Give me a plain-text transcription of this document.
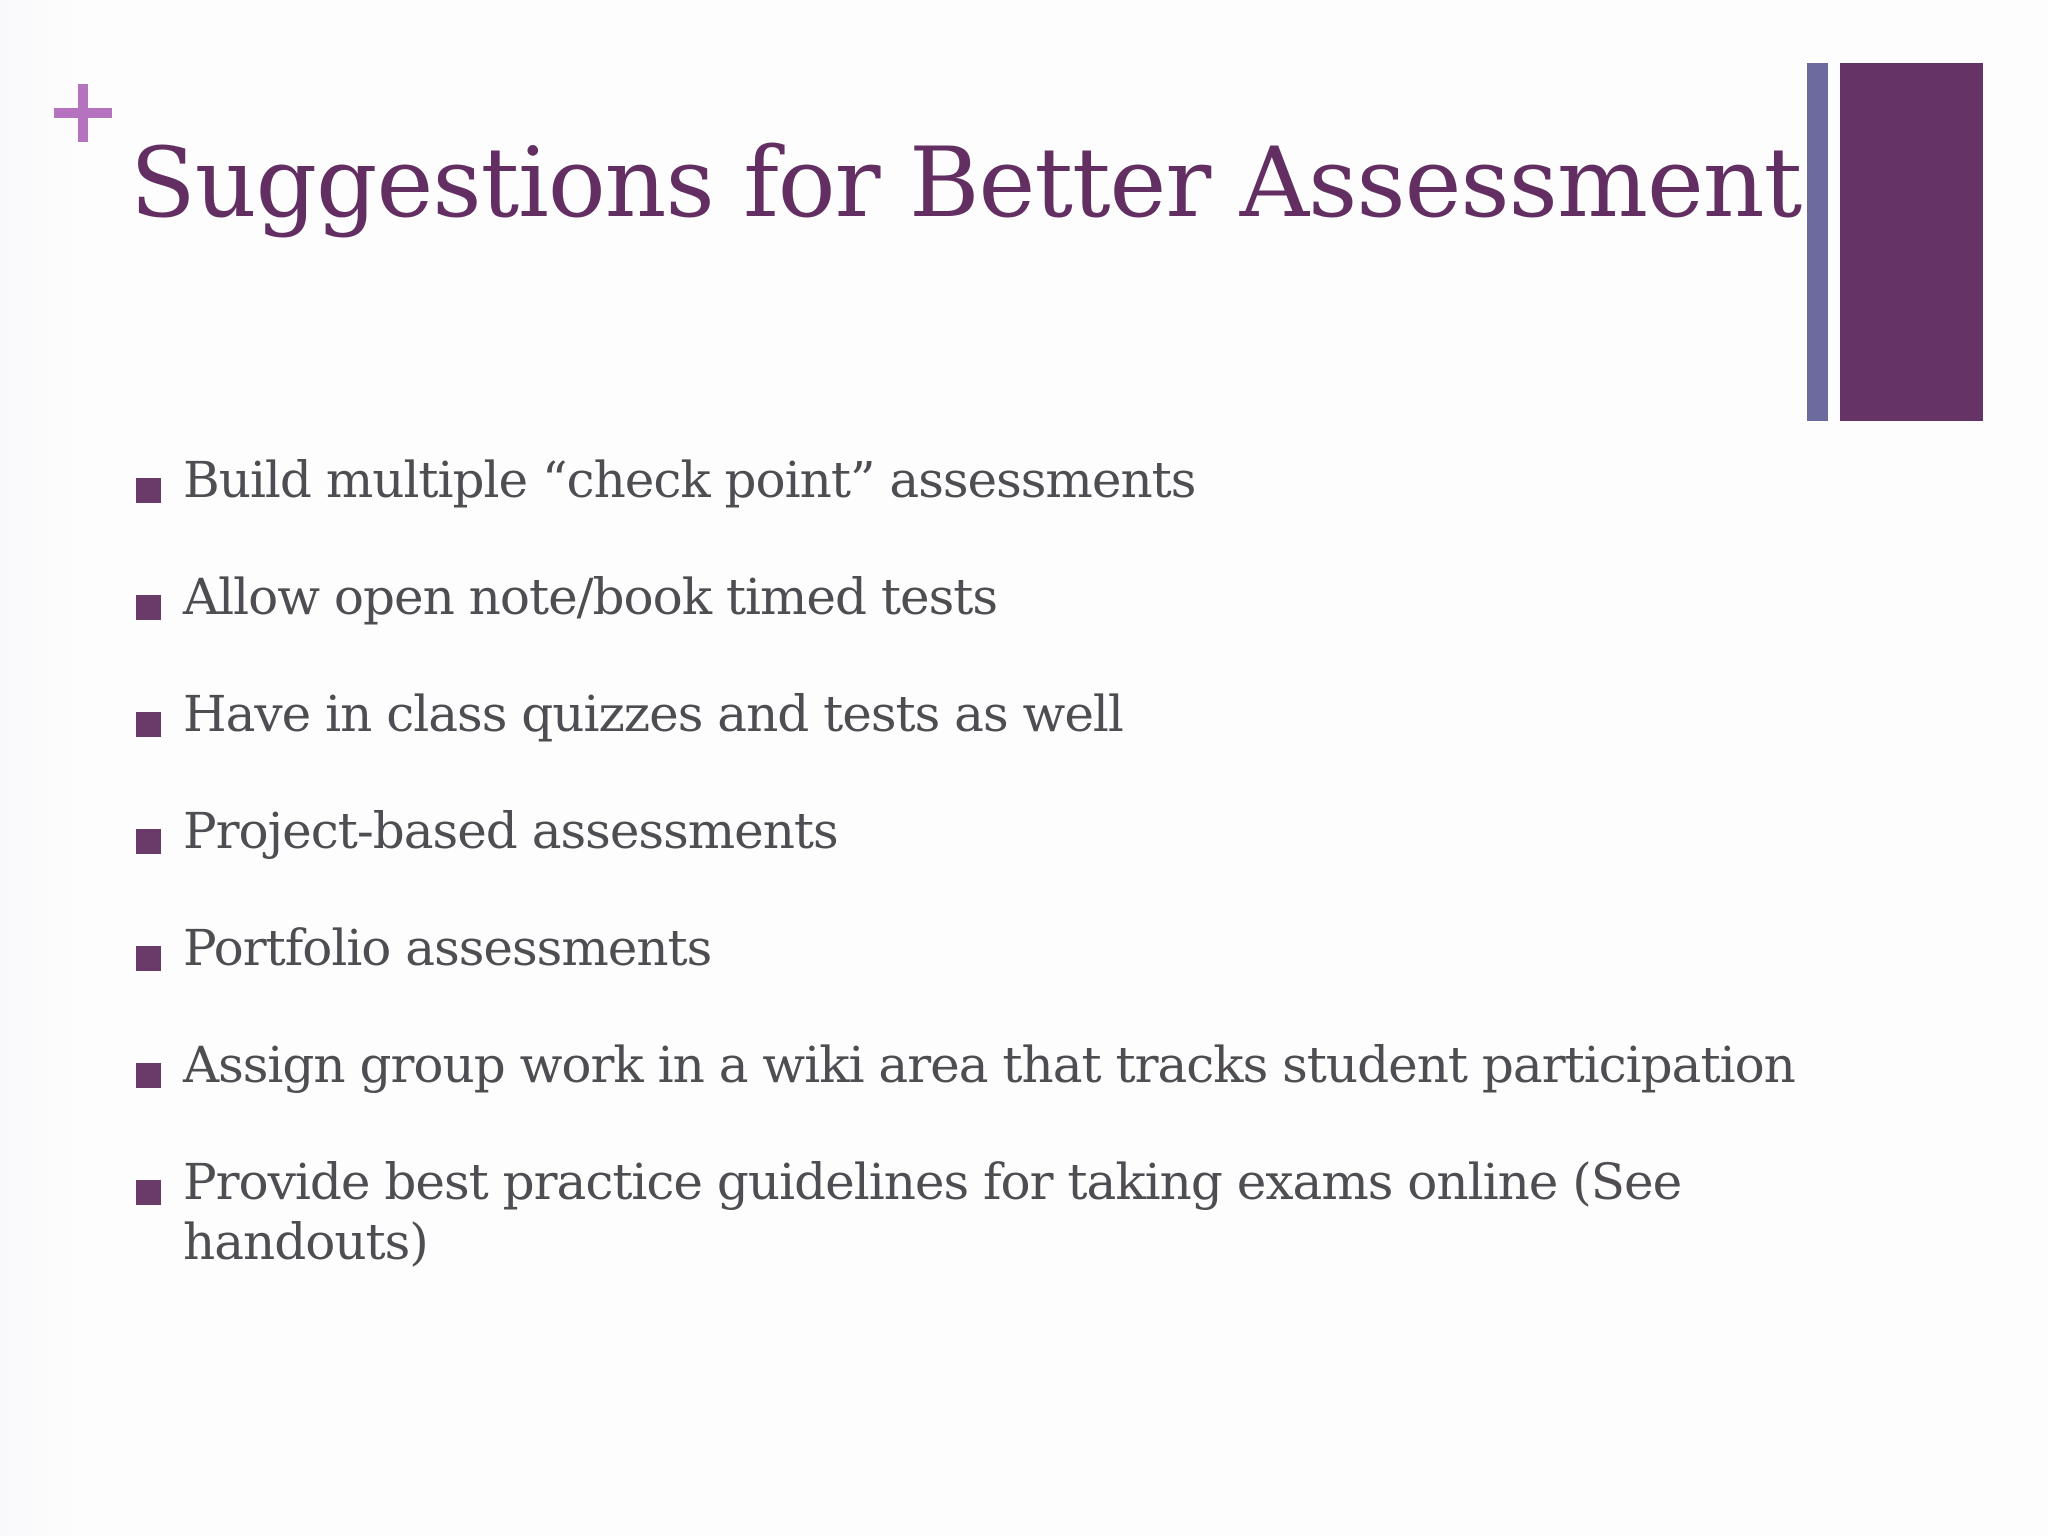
Suggestions for Better Assessment
Build multiple “check point” assessments
Allow open note/book timed tests
Have in class quizzes and tests as well
Project-based assessments
Portfolio assessments
Assign group work in a wiki area that tracks student participation
Provide best practice guidelines for taking exams online (See handouts)
